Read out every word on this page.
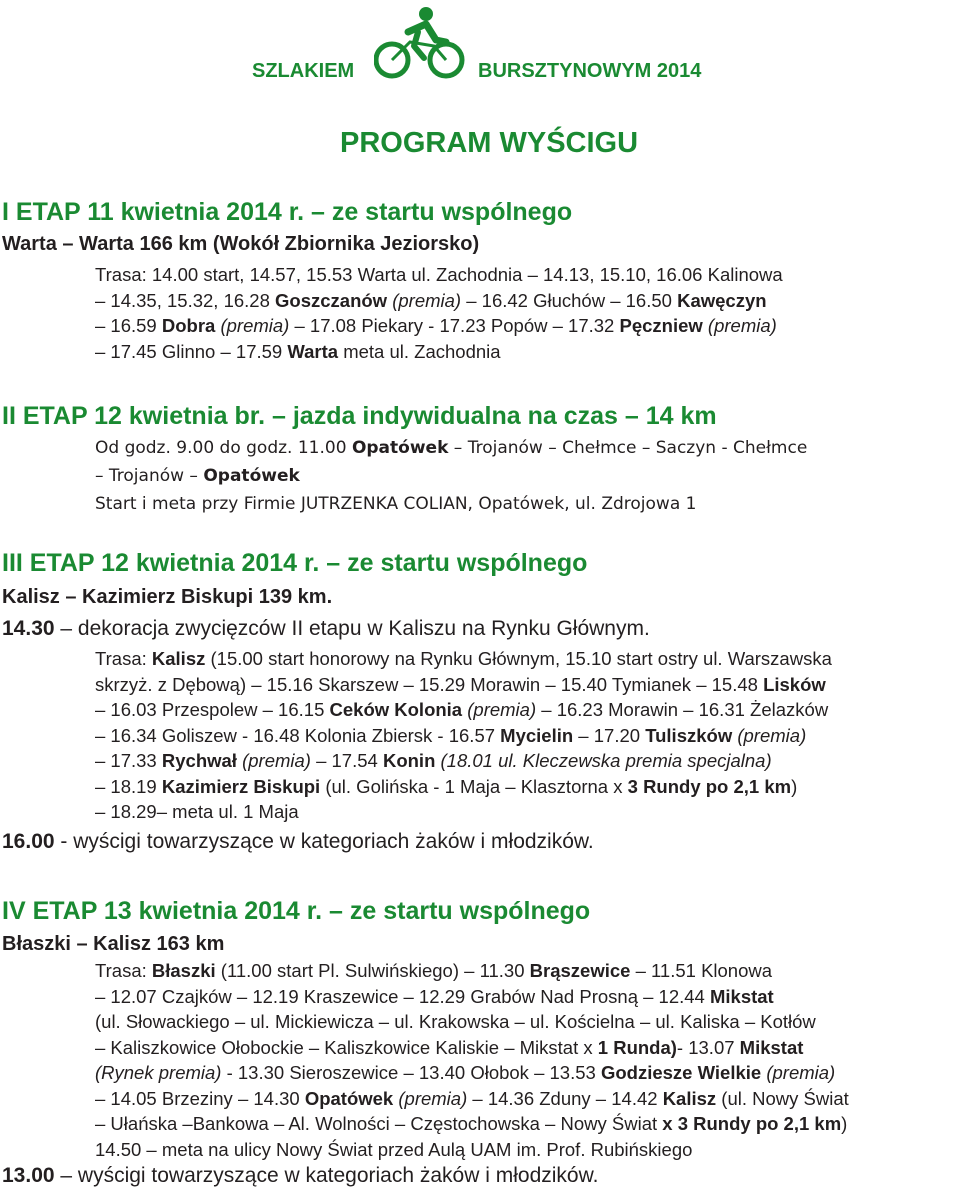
SZLAKIEM	BURSZTYNOWYM 2014
PROGRAM WYŚCIGU
I ETAP 11 kwietnia 2014 r. – ze startu wspólnego
Warta – Warta 166 km (Wokół Zbiornika Jeziorsko)
Trasa: 14.00 start, 14.57, 15.53 Warta ul. Zachodnia – 14.13, 15.10, 16.06 Kalinowa
– 14.35, 15.32, 16.28 Goszczanów (premia) – 16.42 Głuchów – 16.50 Kawęczyn
– 16.59 Dobra (premia) – 17.08 Piekary - 17.23 Popów – 17.32 Pęczniew (premia)
– 17.45 Glinno – 17.59 Warta meta ul. Zachodnia
II ETAP 12 kwietnia br. – jazda indywidualna na czas – 14 km
Od godz. 9.00 do godz. 11.00 Opatówek – Trojanów – Chełmce – Saczyn - Chełmce
– Trojanów – Opatówek
Start i meta przy Firmie JUTRZENKA COLIAN, Opatówek, ul. Zdrojowa 1
III ETAP 12 kwietnia 2014 r. – ze startu wspólnego
Kalisz – Kazimierz Biskupi 139 km.
14.30 – dekoracja zwycięzców II etapu w Kaliszu na Rynku Głównym.
Trasa: Kalisz (15.00 start honorowy na Rynku Głównym, 15.10 start ostry ul. Warszawska
skrzyż. z Dębową) – 15.16 Skarszew – 15.29 Morawin – 15.40 Tymianek – 15.48 Lisków
– 16.03 Przespolew – 16.15 Ceków Kolonia (premia) – 16.23 Morawin – 16.31 Żelazków
– 16.34 Goliszew - 16.48 Kolonia Zbiersk - 16.57 Mycielin – 17.20 Tuliszków (premia)
– 17.33 Rychwał (premia) – 17.54 Konin (18.01 ul. Kleczewska premia specjalna)
– 18.19 Kazimierz Biskupi (ul. Golińska - 1 Maja – Klasztorna x 3 Rundy po 2,1 km)
– 18.29– meta ul. 1 Maja
16.00 - wyścigi towarzyszące w kategoriach żaków i młodzików.
IV ETAP 13 kwietnia 2014 r. – ze startu wspólnego
Błaszki – Kalisz 163 km
Trasa: Błaszki (11.00 start Pl. Sulwińskiego) – 11.30 Brąszewice – 11.51 Klonowa
– 12.07 Czajków – 12.19 Kraszewice – 12.29 Grabów Nad Prosną – 12.44 Mikstat
(ul. Słowackiego – ul. Mickiewicza – ul. Krakowska – ul. Kościelna – ul. Kaliska – Kotłów
– Kaliszkowice Ołobockie – Kaliszkowice Kaliskie – Mikstat x 1 Runda)- 13.07 Mikstat
(Rynek premia) - 13.30 Sieroszewice – 13.40 Ołobok – 13.53 Godziesze Wielkie (premia)
– 14.05 Brzeziny – 14.30 Opatówek (premia) – 14.36 Zduny – 14.42 Kalisz (ul. Nowy Świat
– Ułańska –Bankowa – Al. Wolności – Częstochowska – Nowy Świat x 3 Rundy po 2,1 km)
14.50 – meta na ulicy Nowy Świat przed Aulą UAM im. Prof. Rubińskiego
13.00 – wyścigi towarzyszące w kategoriach żaków i młodzików.
